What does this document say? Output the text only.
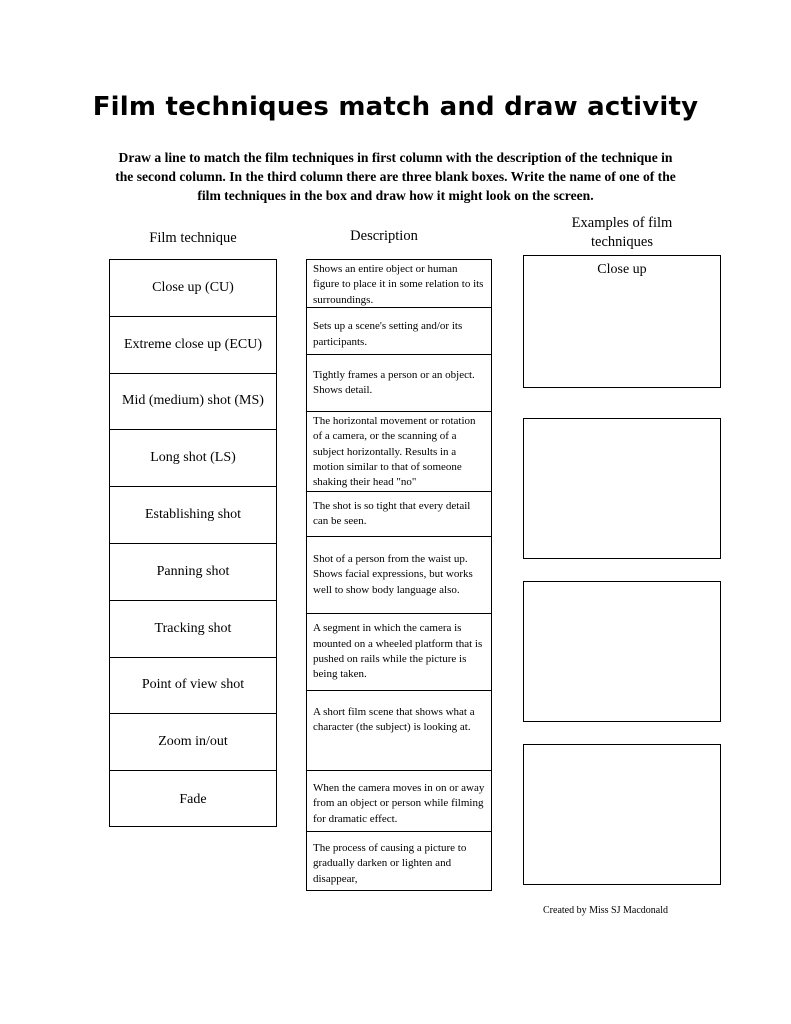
Film techniques match and draw activity
Draw a line to match the film techniques in first column with the description of the technique in the second column. In the third column there are three blank boxes. Write the name of one of the film techniques in the box and draw how it might look on the screen.
Film technique	Description
Examples of film techniques
Close up (CU)
Extreme close up (ECU)
Mid (medium) shot (MS)
Long shot (LS)
Establishing shot
Panning shot
Tracking shot
Point of view shot
Zoom in/out
Fade
Shows an entire object or human figure to place it in some relation to its surroundings.
Sets up a scene's setting and/or its participants.
Tightly frames a person or an object. Shows detail.
The horizontal movement or rotation of a camera, or the scanning of a subject horizontally. Results in a motion similar to that of someone shaking their head "no"
The shot is so tight that every detail can be seen.
Shot of a person from the waist up. Shows facial expressions, but works well to show body language also.
A segment in which the camera is mounted on a wheeled platform that is pushed on rails while the picture is being taken.
A short film scene that shows what a character (the subject) is looking at.
When the camera moves in on or away from an object or person while filming for dramatic effect.
The process of causing a picture to gradually darken or lighten and disappear,
Close up
Created by Miss SJ Macdonald
